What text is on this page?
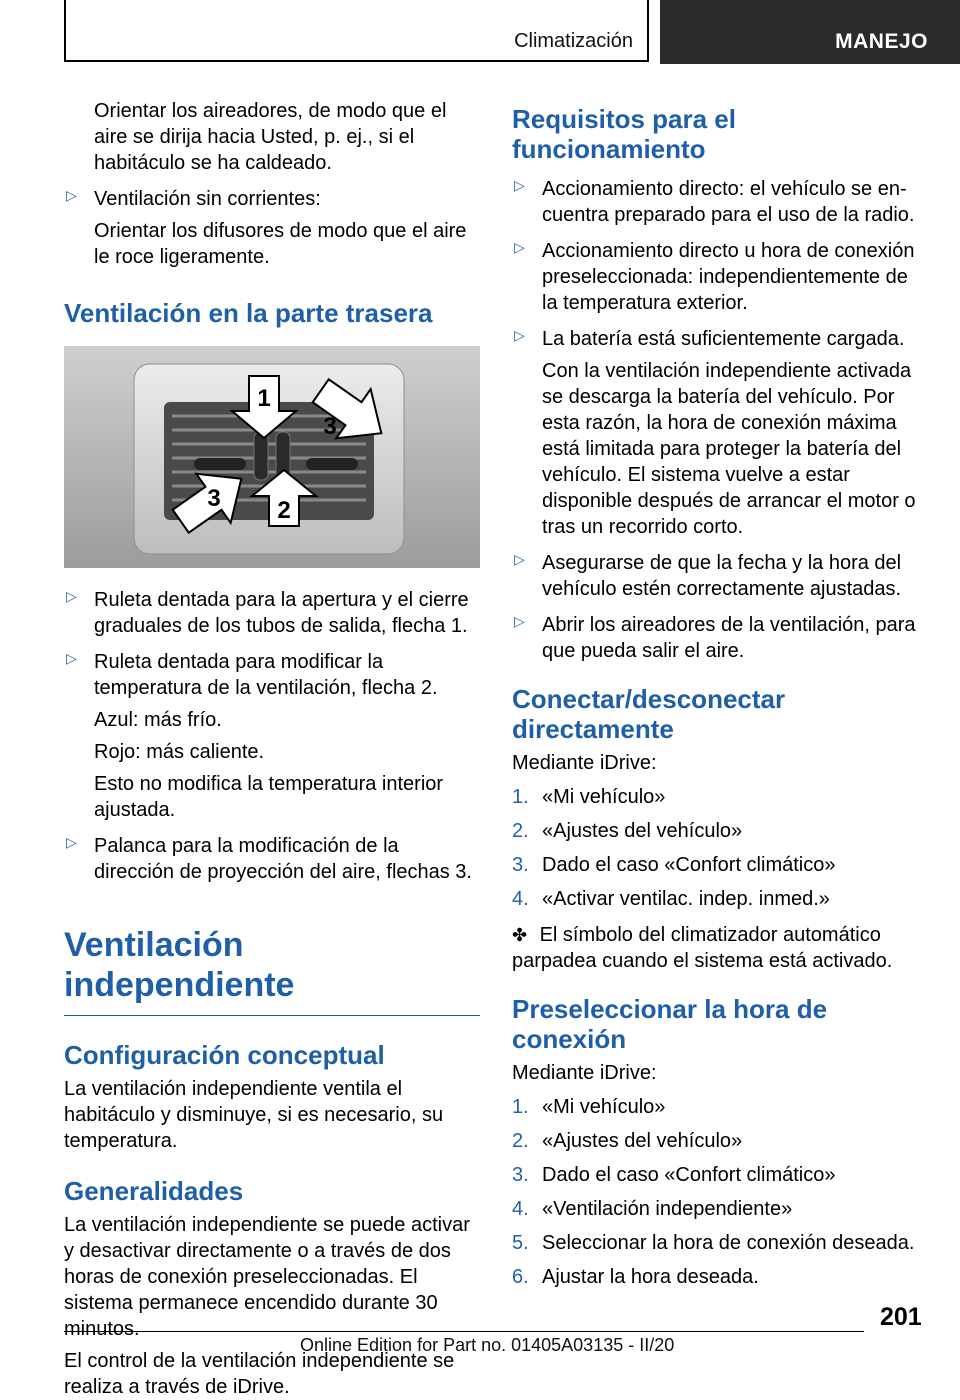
Climatización	MANEJO

Orientar los aireadores, de modo que el aire se dirija hacia Usted, p. ej., si el habitáculo se ha caldeado.

▷ Ventilación sin corrientes:

Orientar los difusores de modo que el aire le roce ligeramente.

Ventilación en la parte trasera
1
2
3
3
▷ Ruleta dentada para la apertura y el cierre graduales de los tubos de salida, flecha 1.

▷ Ruleta dentada para modificar la temperatura de la ventilación, flecha 2.

Azul: más frío.

Rojo: más caliente.

Esto no modifica la temperatura interior ajustada.

▷ Palanca para la modificación de la dirección de proyección del aire, flechas 3.

Ventilación independiente
Configuración conceptual

La ventilación independiente ventila el habitáculo y disminuye, si es necesario, su temperatura.

Generalidades

La ventilación independiente se puede activar y desactivar directamente o a través de dos horas de conexión preseleccionadas. El sistema permanece encendido durante 30 minutos.

El control de la ventilación independiente se realiza a través de iDrive.

Requisitos para el funcionamiento
▷ Accionamiento directo: el vehículo se encuentra preparado para el uso de la radio.

▷ Accionamiento directo u hora de conexión preseleccionada: independientemente de la temperatura exterior.

▷ La batería está suficientemente cargada.

Con la ventilación independiente activada se descarga la batería del vehículo. Por esta razón, la hora de conexión máxima está limitada para proteger la batería del vehículo. El sistema vuelve a estar disponible después de arrancar el motor o tras un recorrido corto.

▷ Asegurarse de que la fecha y la hora del vehículo estén correctamente ajustadas.

▷ Abrir los aireadores de la ventilación, para que pueda salir el aire.

Conectar/desconectar directamente

Mediante iDrive:

1. «Mi vehículo»

2. «Ajustes del vehículo»

3. Dado el caso «Confort climático»

4. «Activar ventilac. indep. inmed.»

✤ El símbolo del climatizador automático parpadea cuando el sistema está activado.

Preseleccionar la hora de conexión

Mediante iDrive:

1. «Mi vehículo»

2. «Ajustes del vehículo»

3. Dado el caso «Confort climático»

4. «Ventilación independiente»

5. Seleccionar la hora de conexión deseada.

6. Ajustar la hora deseada.

201
Online Edition for Part no. 01405A03135 - II/20
